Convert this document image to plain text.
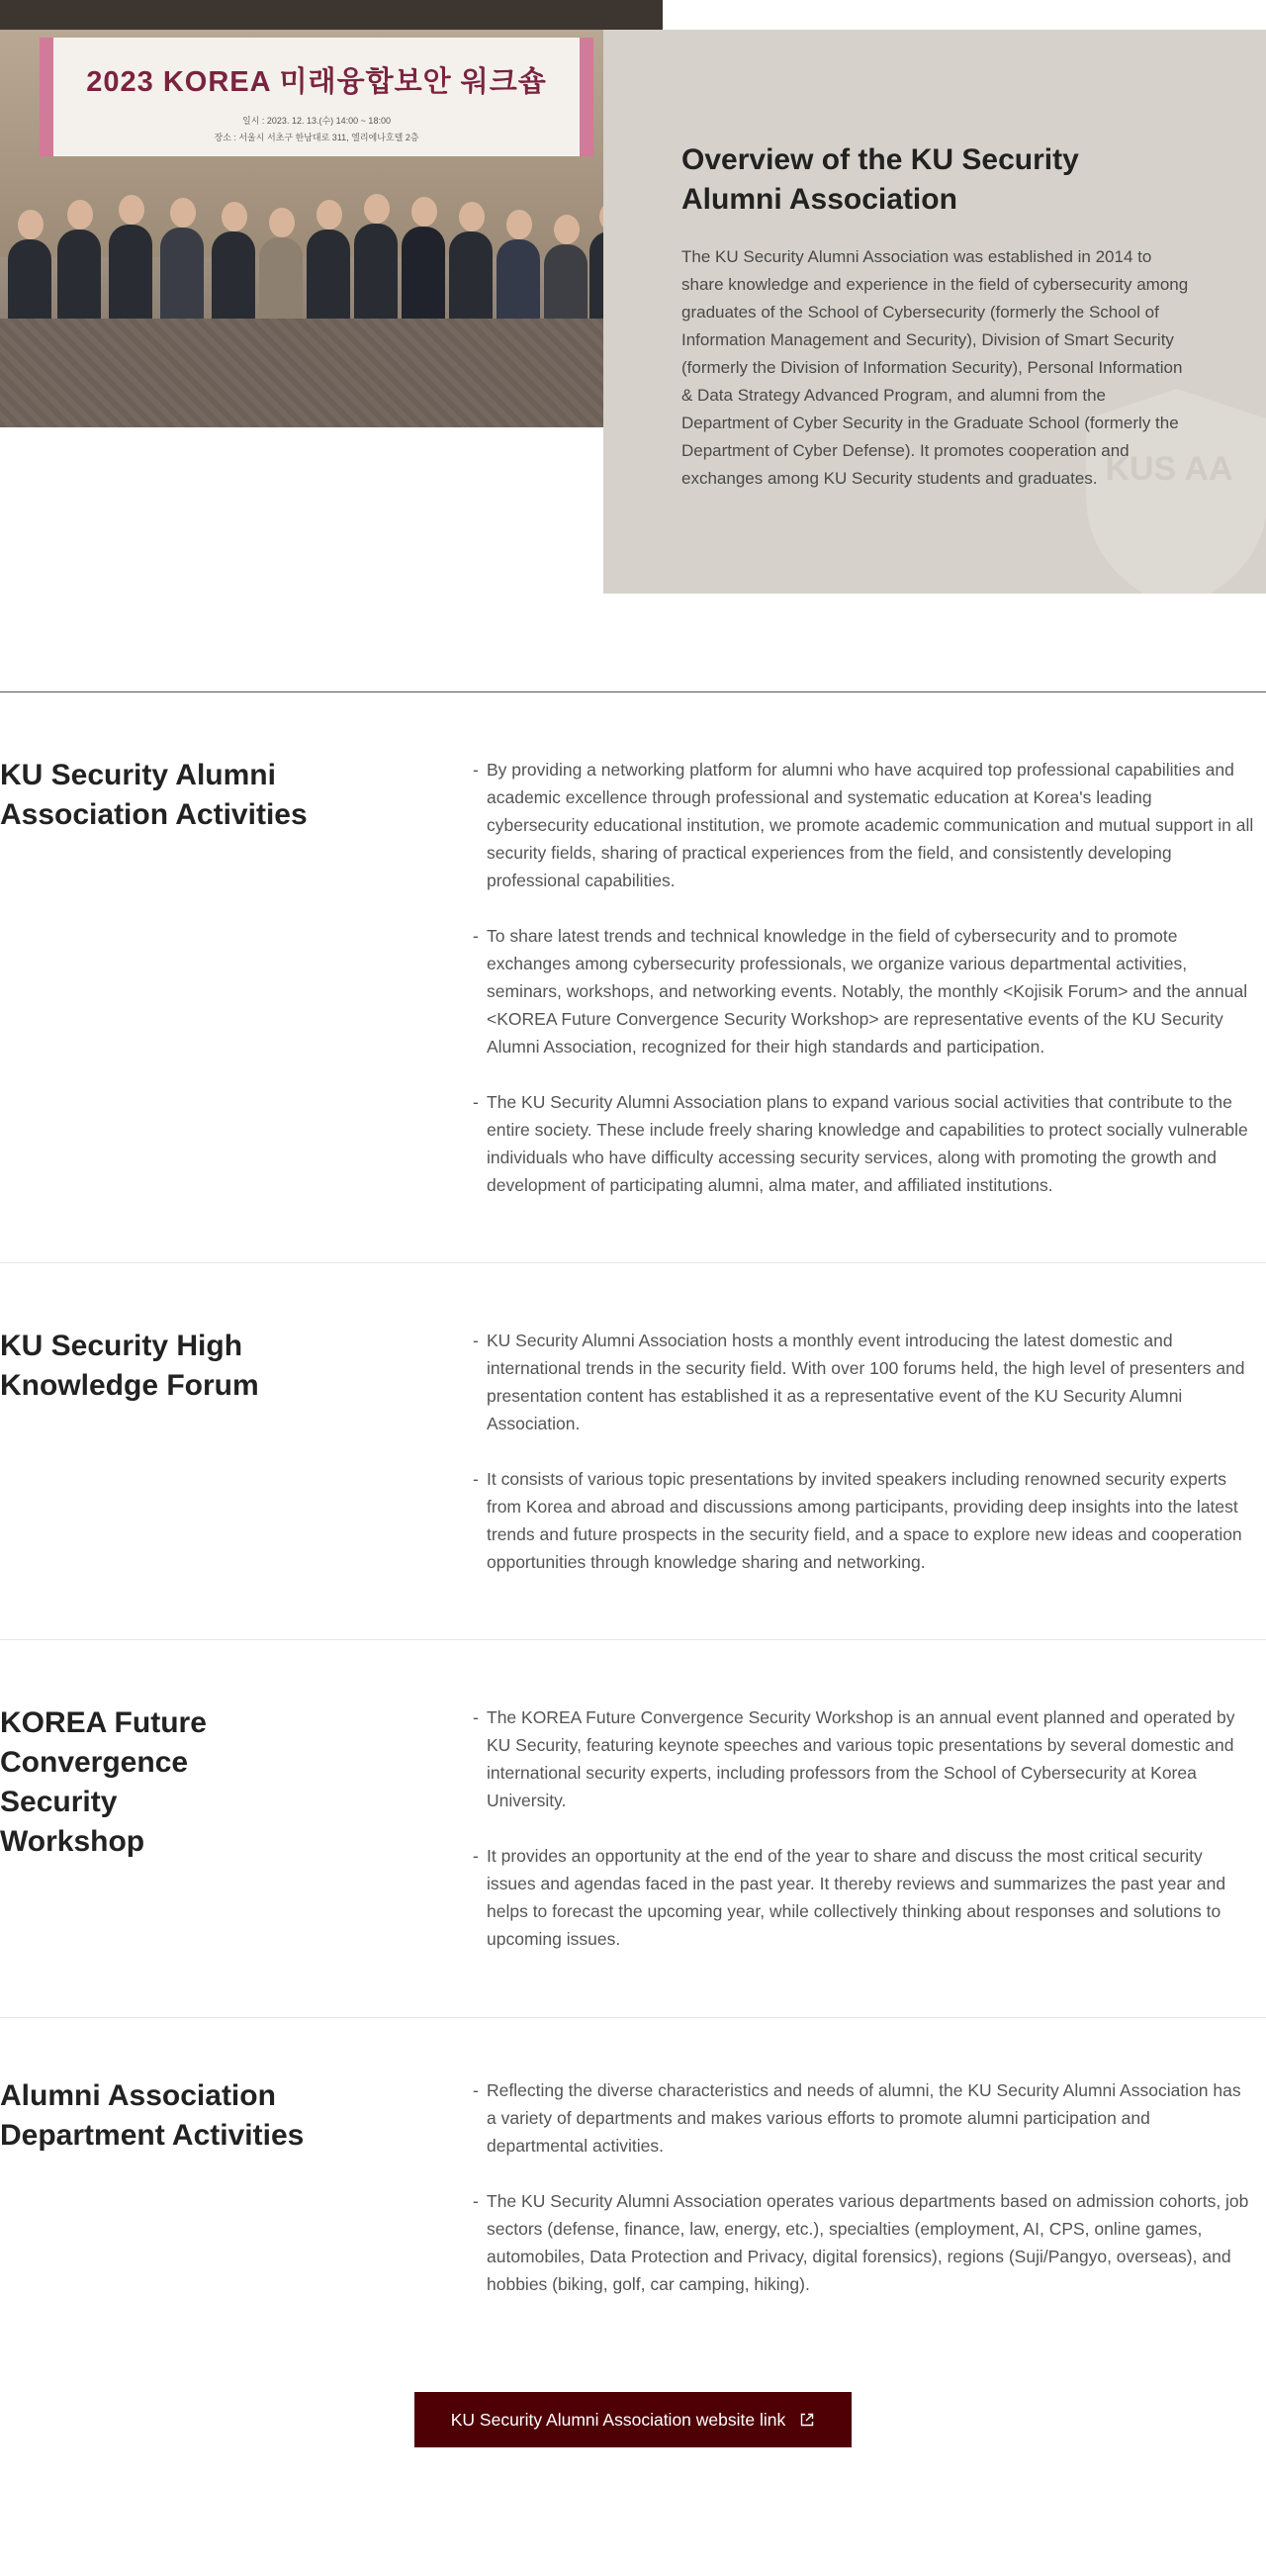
2023 KOREA 미래융합보안 워크숍
일시 : 2023. 12. 13.(수) 14:00 ~ 18:00
장소 : 서울시 서초구 한남대로 311, 엘리에나호텔 2층
KUS AA
Overview of the KU Security Alumni Association

The KU Security Alumni Association was established in 2014 to share knowledge and experience in the field of cybersecurity among graduates of the School of Cybersecurity (formerly the School of Information Management and Security), Division of Smart Security (formerly the Division of Information Security), Personal Information & Data Strategy Advanced Program, and alumni from the Department of Cyber Security in the Graduate School (formerly the Department of Cyber Defense). It promotes cooperation and exchanges among KU Security students and graduates.

KU Security Alumni Association Activities
- By providing a networking platform for alumni who have acquired top professional capabilities and academic excellence through professional and systematic education at Korea's leading cybersecurity educational institution, we promote academic communication and mutual support in all security fields, sharing of practical experiences from the field, and consistently developing professional capabilities.
- To share latest trends and technical knowledge in the field of cybersecurity and to promote exchanges among cybersecurity professionals, we organize various departmental activities, seminars, workshops, and networking events. Notably, the monthly <Kojisik Forum> and the annual <KOREA Future Convergence Security Workshop> are representative events of the KU Security Alumni Association, recognized for their high standards and participation.
- The KU Security Alumni Association plans to expand various social activities that contribute to the entire society. These include freely sharing knowledge and capabilities to protect socially vulnerable individuals who have difficulty accessing security services, along with promoting the growth and development of participating alumni, alma mater, and affiliated institutions.
KU Security High Knowledge Forum
- KU Security Alumni Association hosts a monthly event introducing the latest domestic and international trends in the security field. With over 100 forums held, the high level of presenters and presentation content has established it as a representative event of the KU Security Alumni Association.
- It consists of various topic presentations by invited speakers including renowned security experts from Korea and abroad and discussions among participants, providing deep insights into the latest trends and future prospects in the security field, and a space to explore new ideas and cooperation opportunities through knowledge sharing and networking.
KOREA Future Convergence Security Workshop
- The KOREA Future Convergence Security Workshop is an annual event planned and operated by KU Security, featuring keynote speeches and various topic presentations by several domestic and international security experts, including professors from the School of Cybersecurity at Korea University.
- It provides an opportunity at the end of the year to share and discuss the most critical security issues and agendas faced in the past year. It thereby reviews and summarizes the past year and helps to forecast the upcoming year, while collectively thinking about responses and solutions to upcoming issues.
Alumni Association Department Activities
- Reflecting the diverse characteristics and needs of alumni, the KU Security Alumni Association has a variety of departments and makes various efforts to promote alumni participation and departmental activities.
- The KU Security Alumni Association operates various departments based on admission cohorts, job sectors (defense, finance, law, energy, etc.), specialties (employment, AI, CPS, online games, automobiles, Data Protection and Privacy, digital forensics), regions (Suji/Pangyo, overseas), and hobbies (biking, golf, car camping, hiking).
KU Security Alumni Association website link
